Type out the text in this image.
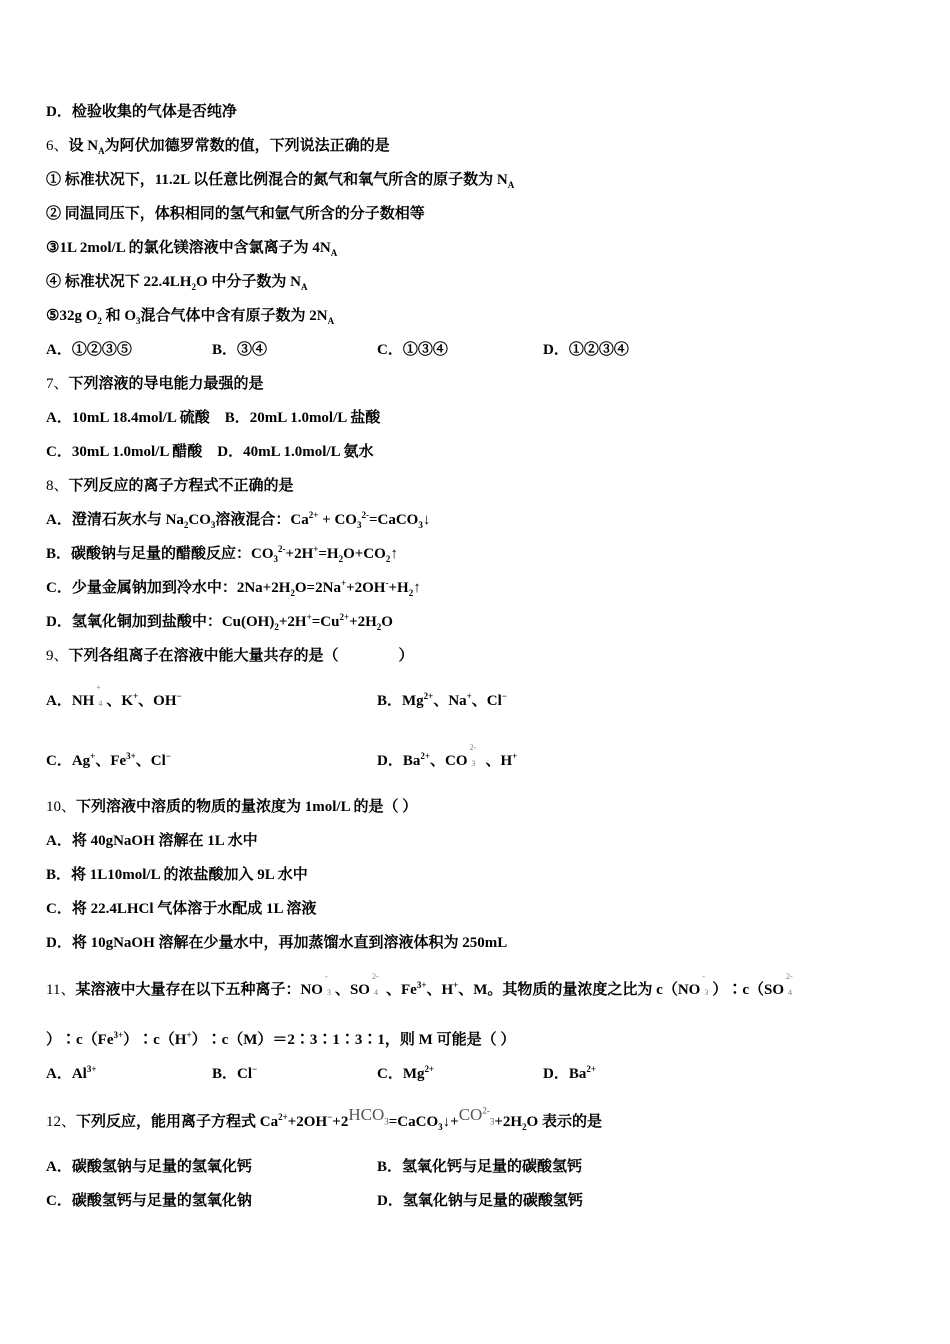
D．检验收集的气体是否纯净
6、设 $N_A$为阿伏加德罗常数的值，下列说法正确的是
① 标准状况下，11.2L 以任意比例混合的氮气和氧气所含的原子数为 $N_A$
② 同温同压下，体积相同的氢气和氩气所含的分子数相等
③1L 2mol/L 的氯化镁溶液中含氯离子为 $4N_A$
④ 标准状况下 $22.4LH_2O$ 中分子数为 $N_A$
⑤32g $O_2$ 和 $O_3$混合气体中含有原子数为 $2N_A$
A．①②③⑤	B．③④	C．①③④	D．①②③④
7、下列溶液的导电能力最强的是
A．10mL 18.4mol/L 硫酸　B．20mL 1.0mol/L 盐酸
C．30mL 1.0mol/L 醋酸　D．40mL 1.0mol/L 氨水
8、下列反应的离子方程式不正确的是
A．澄清石灰水与 $Na_2CO_3$溶液混合：$Ca^{2+}$ + $CO_3^{2-}=CaCO_3↓$
B．碳酸钠与足量的醋酸反应：$CO_3^{2-}+2H^+=H_2O+CO_2↑$
C．少量金属钠加到冷水中：$2Na+2H_2O=2Na^++2OH^-+H_2↑$
D．氢氧化铜加到盐酸中：$Cu(OH)_2+2H^+=Cu^{2+}+2H_2O$
9、下列各组离子在溶液中能大量共存的是（　　　　）
A．NH
+
4 、K+、OH−	B．$Mg^{2+}$、Na+、Cl−
C．Ag+、$Fe^{3+}$、Cl−	D．$Ba^{2+}$、CO
2-
3 、H+
10、下列溶液中溶质的物质的量浓度为 1mol/L 的是（ ）
A．将 40gNaOH 溶解在 1L 水中
B．将 1L10mol/L 的浓盐酸加入 9L 水中
C．将 22.4LHCl 气体溶于水配成 1L 溶液
D．将 10gNaOH 溶解在少量水中，再加蒸馏水直到溶液体积为 250mL
11、某溶液中大量存在以下五种离子：NO
-
3 、SO
2-
4 、$Fe^{3+}$、H+、M。其物质的量浓度之比为 c（NO
-
3 ）∶c（SO
2-
4
）$∶c(Fe^{3+})∶c(H^+)∶c(M)=2∶3∶1∶3∶1$，则 M 可能是（ ）
A．$Al^{3+}$	B．Cl−	C．$Mg^{2+}$	D．$Ba^{2+}$
12、下列反应，能用离子方程式 $Ca^{2+}+2OH^-+2HCO_3=CaCO_3↓+CO^{2-}_3+2H_2O$ 表示的是
A．碳酸氢钠与足量的氢氧化钙	B．氢氧化钙与足量的碳酸氢钙
C．碳酸氢钙与足量的氢氧化钠	D．氢氧化钠与足量的碳酸氢钙
